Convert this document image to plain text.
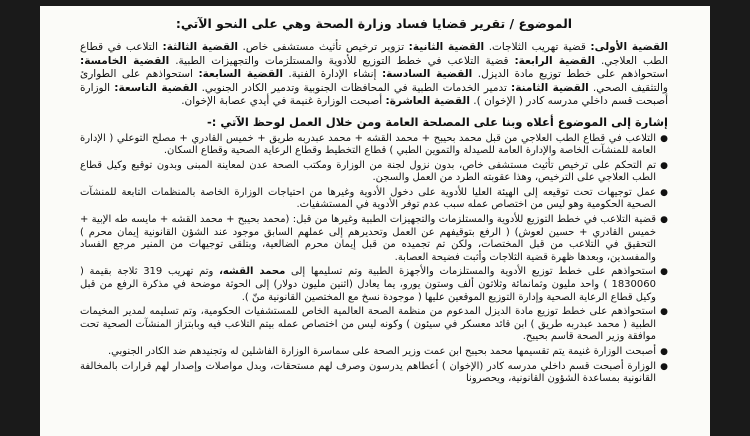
الموضوع / تقرير قضايا فساد وزارة الصحة وهي على النحو الآتي:
القضية الأولى: قضية تهريب الثلاجات. القضية الثانية: تزوير ترخيص تأثيث مستشفى خاص. القضية الثالثة: التلاعب في قطاع الطب العلاجي. القضية الرابعة: قضية التلاعب في خطط التوزيع للأدوية والمستلزمات والتجهيزات الطبية. القضية الخامسة: استحواذهم على خطط توزيع مادة الديزل. القضية السادسة: إنشاء الإدارة الفنية. القضية السابعة: استحواذهم على الطوارئ والتثقيف الصحي. القضية الثامنة: تدمير الخدمات الطبية في المحافظات الجنوبية وتدمير الكادر الجنوبي. القضية التاسعة: الوزارة أصبحت قسم داخلي مدرسه كادر ( الإخوان ). القضية العاشرة: أصبحت الوزارة غنيمة في أيدي عصابة الإخوان.
إشارة إلى الموضوع أعلاه وبنا على المصلحة العامة ومن خلال العمل لوحظ الآتي :-
●
التلاعب في قطاع الطب العلاجي من قبل محمد بحيبح + محمد القشه + محمد عبدربه طريق + خميس القادري + مصلح التوعلي ( الإدارة العامة للمنشآت الخاصة والإدارة العامة للصيدلة والتموين الطبي ) قطاع التخطيط وقطاع الرعاية الصحية وقطاع السكان.
●
تم التحكم على ترخيص تأثيث مستشفى خاص، بدون نزول لجنة من الوزارة ومكتب الصحة عدن لمعاينة المبنى وبدون توقيع وكيل قطاع الطب العلاجي على الترخيص، وهذا عقوبته الطرد من العمل والسجن.
●
عمل توجيهات تحت توقيعه إلى الهيئة العليا للأدوية على دخول الأدوية وغيرها من احتياجات الوزارة الخاصة بالمنظمات التابعة للمنشآت الصحية الحكومية وهو ليس من اختصاص عمله سبب عدم توفر الأدوية في المستشفيات.
●
قضية التلاعب في خطط التوزيع للأدوية والمستلزمات والتجهيزات الطبية وغيرها من قبل: (محمد بحيبح + محمد القشه + مايسه طه الإبية + خميس القادري + حسين لعوش) ( الرفع بتوقيفهم عن العمل وتحديرهم إلى عملهم السابق موجود عند الشؤن القانونية إيمان محرم ) التحقيق في التلاعب من قبل المختصات، ولكن تم تجميده من قبل إيمان محرم الضالعية، وبتلقى توجيهات من المنير مرجع الفساد والمفسدين، وبعدها ظهرة قضية الثلاجات وأثبت فضيحة العصابة.
●
استحواذهم على خطط توزيع الأدوية والمستلزمات والأجهزة الطبية وتم تسليمها إلى محمد القشه، وتم تهريب 319 ثلاجة بقيمة ( 1830060 ) واحد مليون وثمانمائة وثلاثون ألف وستون يورو، يما يعادل (اثنين مليون دولار) إلى الحوثة موضحة في مذكرة الرفع من قبل وكيل قطاع الرعاية الصحية وإدارة التوزيع الموقعين عليها ( موجودة نسخ مع المختصين القانونية منّ ).
●
استحواذهم على خطط توزيع مادة الديزل المدعوم من منظمة الصحة العالمية الخاص للمستشفيات الحكومية، وتم تسليمه لمدير المخيمات الطبية ( محمد عبدربه طريق ) ابن قائد معسكر في سيئون ) وكونه ليس من اختصاص عمله بيتم التلاعب فيه وبابتزاز المنشآت الصحية تحت موافقة وزير الصحة قاسم بحيبح.
●
أصبحت الوزارة غنيمة يتم تقسيمها محمد بحيبح ابن عمت وزير الصحة على سماسرة الوزارة الفاشلين له وتجنيدهم ضد الكادر الجنوبي.
●
الوزارة أصبحت قسم داخلي مدرسه كادر (الإخوان ) أعطاهم يدرسون وصرف لهم مستحقات، وبدل مواصلات وإصدار لهم قرارات بالمخالفة القانونية بمساعدة الشؤون القانونية، ويحصرونا
